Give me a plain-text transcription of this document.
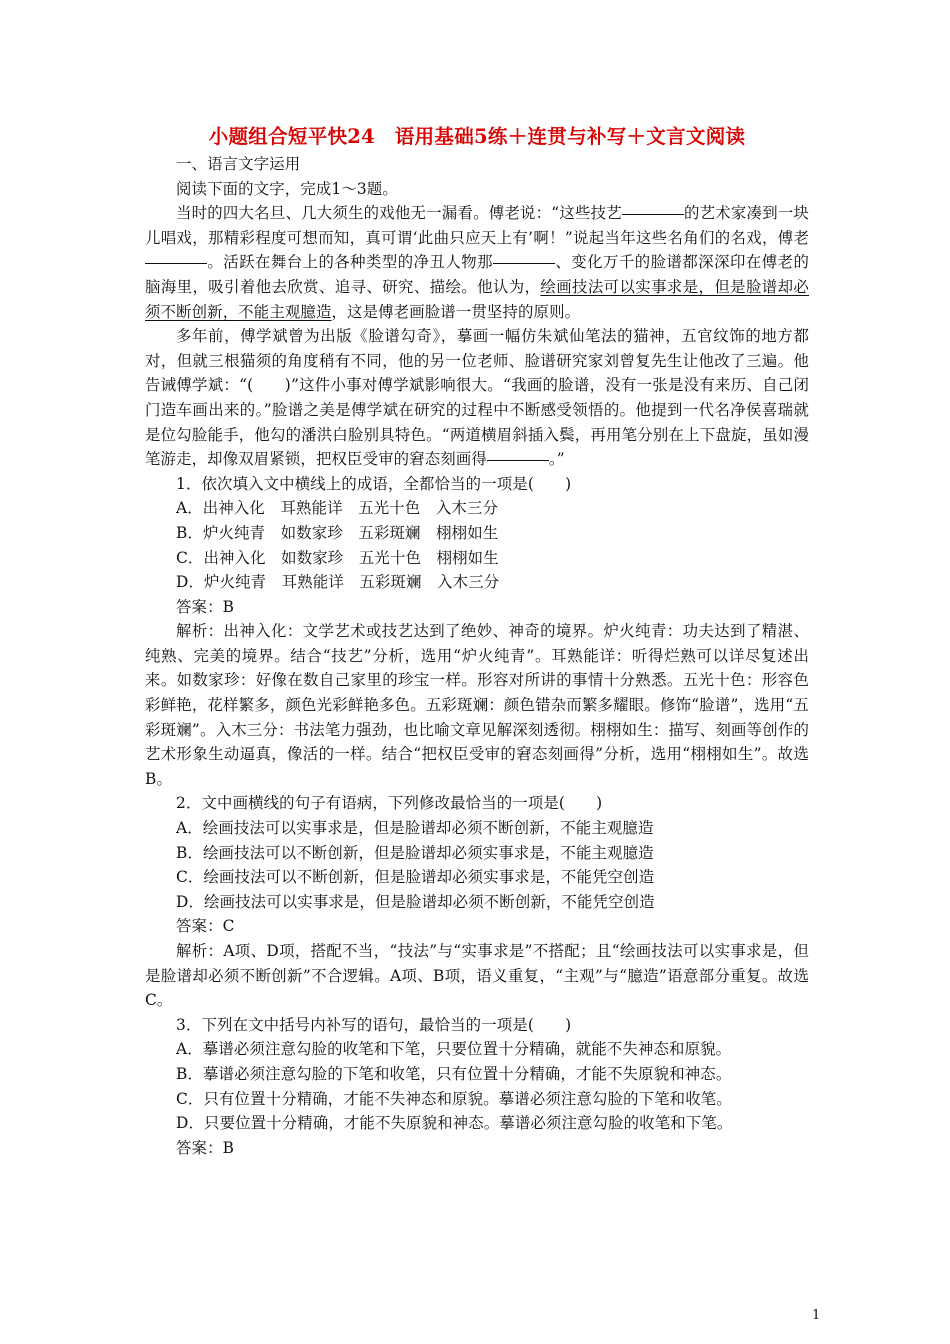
小题组合短平快24　语用基础5练＋连贯与补写＋文言文阅读

一、语言文字运用

阅读下面的文字，完成1～3题。

当时的四大名旦、几大须生的戏他无一漏看。傅老说：“这些技艺	的艺术家凑到一块儿唱戏，那精彩程度可想而知，真可谓‘此曲只应天上有’啊！”说起当年这些名角们的名戏，傅老。活跃在舞台上的各种类型的净丑人物那	、变化万千的脸谱都深深印在傅老的脑海里，吸引着他去欣赏、追寻、研究、描绘。他认为，绘画技法可以实事求是，但是脸谱却必须不断创新，不能主观臆造，这是傅老画脸谱一贯坚持的原则。

多年前，傅学斌曾为出版《脸谱勾奇》，摹画一幅仿朱斌仙笔法的猫神，五官纹饰的地方都对，但就三根猫须的角度稍有不同，他的另一位老师、脸谱研究家刘曾复先生让他改了三遍。他告诫傅学斌：“(　　)”这件小事对傅学斌影响很大。“我画的脸谱，没有一张是没有来历、自己闭门造车画出来的。”脸谱之美是傅学斌在研究的过程中不断感受领悟的。他提到一代名净侯喜瑞就是位勾脸能手，他勾的潘洪白脸别具特色。“两道横眉斜插入鬓，再用笔分别在上下盘旋，虽如漫笔游走，却像双眉紧锁，把权臣受审的窘态刻画得	。”

1．依次填入文中横线上的成语，全都恰当的一项是(　　)

A．出神入化　耳熟能详　五光十色　入木三分

B．炉火纯青　如数家珍　五彩斑斓　栩栩如生

C．出神入化　如数家珍　五光十色　栩栩如生

D．炉火纯青　耳熟能详　五彩斑斓　入木三分

答案：B

解析：出神入化：文学艺术或技艺达到了绝妙、神奇的境界。炉火纯青：功夫达到了精湛、纯熟、完美的境界。结合“技艺”分析，选用“炉火纯青”。耳熟能详：听得烂熟可以详尽复述出来。如数家珍：好像在数自己家里的珍宝一样。形容对所讲的事情十分熟悉。五光十色：形容色彩鲜艳，花样繁多，颜色光彩鲜艳多色。五彩斑斓：颜色错杂而繁多耀眼。修饰“脸谱”，选用“五彩斑斓”。入木三分：书法笔力强劲，也比喻文章见解深刻透彻。栩栩如生：描写、刻画等创作的艺术形象生动逼真，像活的一样。结合“把权臣受审的窘态刻画得”分析，选用“栩栩如生”。故选B。

2．文中画横线的句子有语病，下列修改最恰当的一项是(　　)

A．绘画技法可以实事求是，但是脸谱却必须不断创新，不能主观臆造

B．绘画技法可以不断创新，但是脸谱却必须实事求是，不能主观臆造

C．绘画技法可以不断创新，但是脸谱却必须实事求是，不能凭空创造

D．绘画技法可以实事求是，但是脸谱却必须不断创新，不能凭空创造

答案：C

解析：A项、D项，搭配不当，“技法”与“实事求是”不搭配；且“绘画技法可以实事求是，但是脸谱却必须不断创新”不合逻辑。A项、B项，语义重复，“主观”与“臆造”语意部分重复。故选C。

3．下列在文中括号内补写的语句，最恰当的一项是(　　)

A．摹谱必须注意勾脸的收笔和下笔，只要位置十分精确，就能不失神态和原貌。

B．摹谱必须注意勾脸的下笔和收笔，只有位置十分精确，才能不失原貌和神态。

C．只有位置十分精确，才能不失神态和原貌。摹谱必须注意勾脸的下笔和收笔。

D．只要位置十分精确，才能不失原貌和神态。摹谱必须注意勾脸的收笔和下笔。

答案：B

1
